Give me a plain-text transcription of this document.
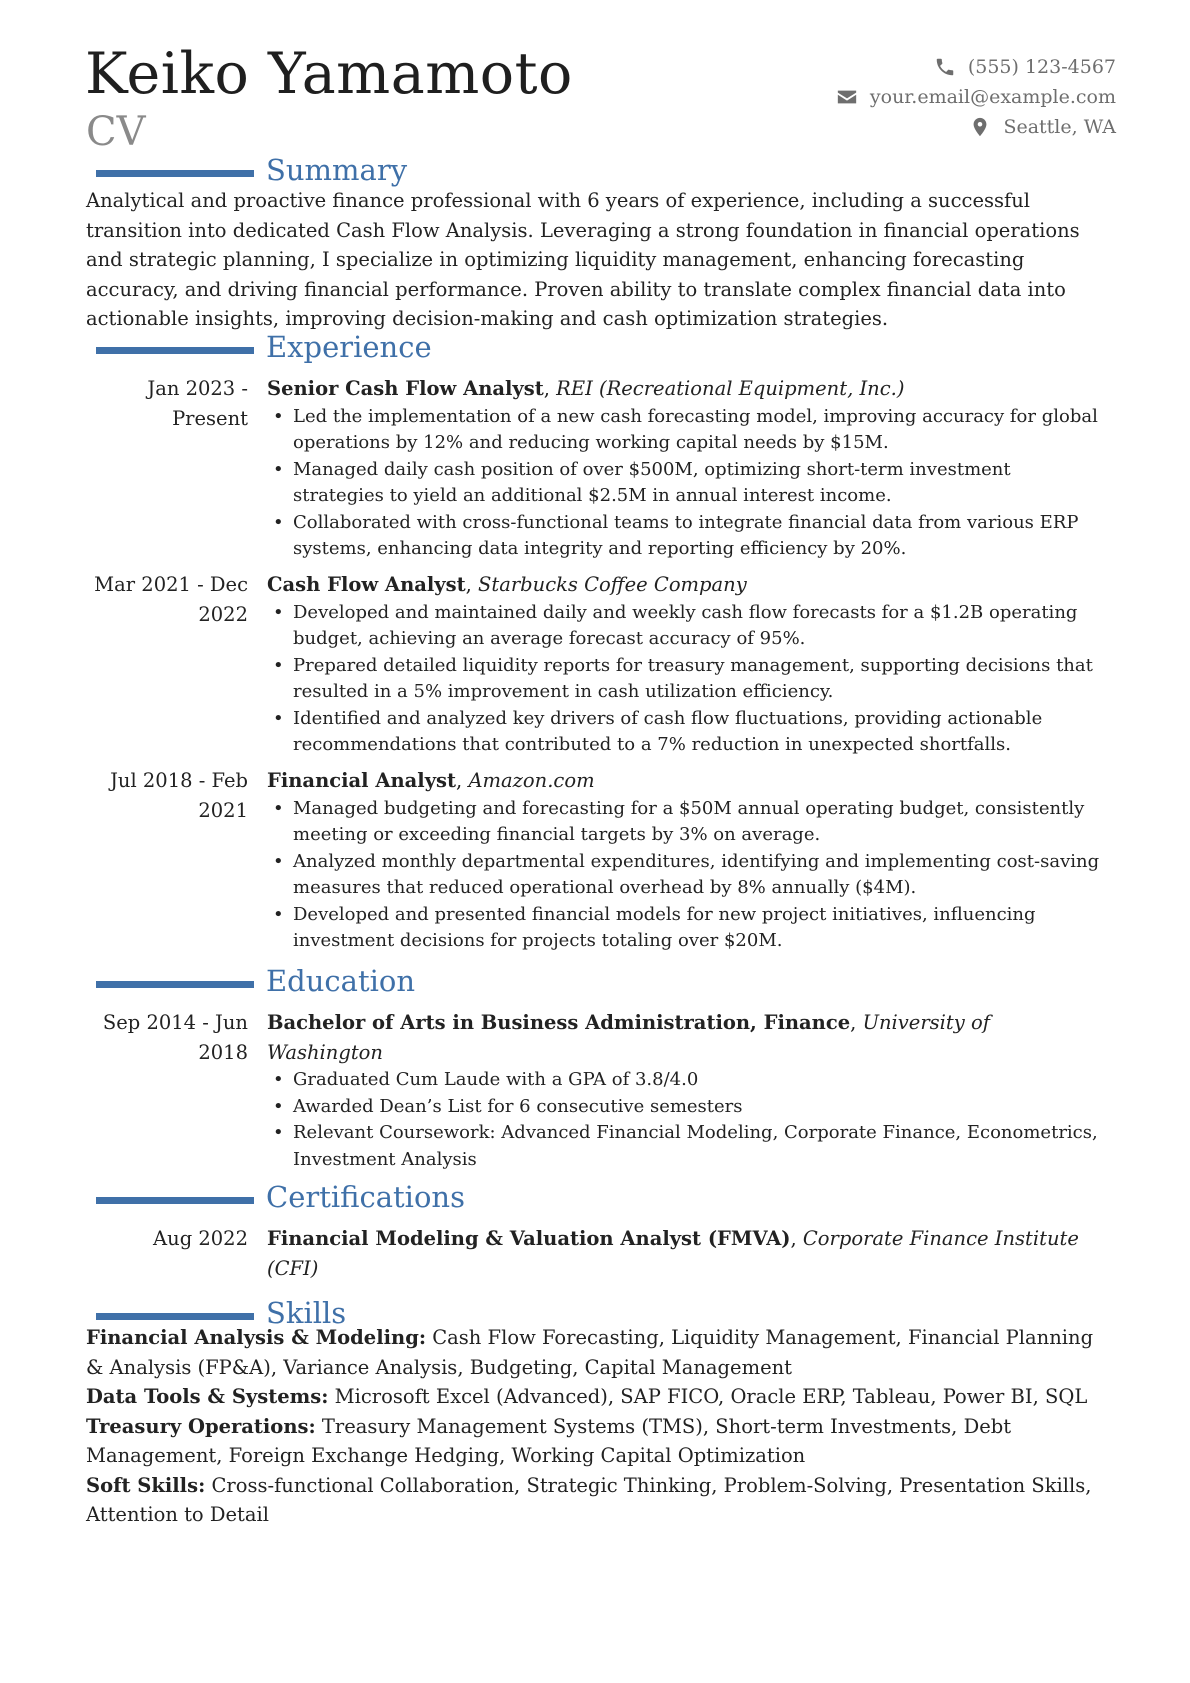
Keiko Yamamoto
CV
(555) 123-4567
your.email@example.com
Seattle, WA
Summary

Analytical and proactive finance professional with 6 years of experience, including a successful transition into dedicated Cash Flow Analysis. Leveraging a strong foundation in financial operations and strategic planning, I specialize in optimizing liquidity management, enhancing forecasting accuracy, and driving financial performance. Proven ability to translate complex financial data into actionable insights, improving decision-making and cash optimization strategies.

Experience
Jan 2023 - Present
Senior Cash Flow Analyst, REI (Recreational Equipment, Inc.)
• Led the implementation of a new cash forecasting model, improving accuracy for global operations by 12% and reducing working capital needs by $15M.
• Managed daily cash position of over $500M, optimizing short-term investment strategies to yield an additional $2.5M in annual interest income.
• Collaborated with cross-functional teams to integrate financial data from various ERP systems, enhancing data integrity and reporting efficiency by 20%.
Mar 2021 - Dec 2022
Cash Flow Analyst, Starbucks Coffee Company
• Developed and maintained daily and weekly cash flow forecasts for a $1.2B operating budget, achieving an average forecast accuracy of 95%.
• Prepared detailed liquidity reports for treasury management, supporting decisions that resulted in a 5% improvement in cash utilization efficiency.
• Identified and analyzed key drivers of cash flow fluctuations, providing actionable recommendations that contributed to a 7% reduction in unexpected shortfalls.
Jul 2018 - Feb 2021
Financial Analyst, Amazon.com
• Managed budgeting and forecasting for a $50M annual operating budget, consistently meeting or exceeding financial targets by 3% on average.
• Analyzed monthly departmental expenditures, identifying and implementing cost-saving measures that reduced operational overhead by 8% annually ($4M).
• Developed and presented financial models for new project initiatives, influencing investment decisions for projects totaling over $20M.
Education
Sep 2014 - Jun 2018
Bachelor of Arts in Business Administration, Finance, University of Washington
• Graduated Cum Laude with a GPA of 3.8/4.0
• Awarded Dean’s List for 6 consecutive semesters
• Relevant Coursework: Advanced Financial Modeling, Corporate Finance, Econometrics, Investment Analysis
Certifications
Aug 2022 Financial Modeling & Valuation Analyst (FMVA), Corporate Finance Institute (CFI)
Skills

Financial Analysis & Modeling: Cash Flow Forecasting, Liquidity Management, Financial Planning & Analysis (FP&A), Variance Analysis, Budgeting, Capital Management

Data Tools & Systems: Microsoft Excel (Advanced), SAP FICO, Oracle ERP, Tableau, Power BI, SQL

Treasury Operations: Treasury Management Systems (TMS), Short-term Investments, Debt Management, Foreign Exchange Hedging, Working Capital Optimization

Soft Skills: Cross-functional Collaboration, Strategic Thinking, Problem-Solving, Presentation Skills, Attention to Detail
